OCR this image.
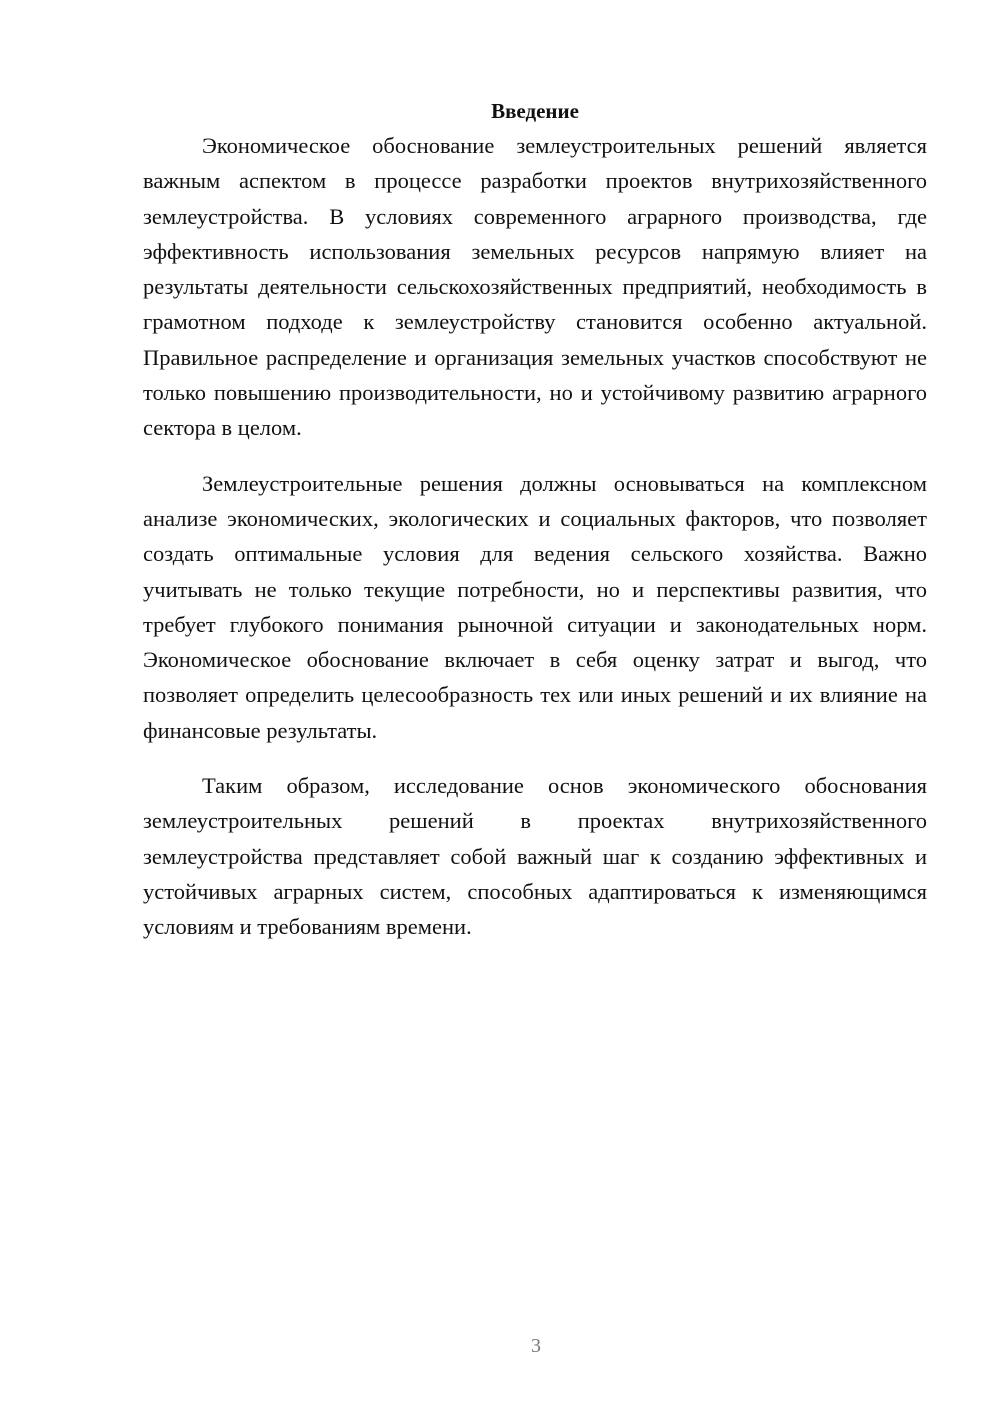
Введение

Экономическое обоснование землеустроительных решений является важным аспектом в процессе разработки проектов внутрихозяйственного землеустройства. В условиях современного аграрного производства, где эффективность использования земельных ресурсов напрямую влияет на результаты деятельности сельскохозяйственных предприятий, необходимость в грамотном подходе к землеустройству становится особенно актуальной. Правильное распределение и организация земельных участков способствуют не только повышению производительности, но и устойчивому развитию аграрного сектора в целом.

Землеустроительные решения должны основываться на комплексном анализе экономических, экологических и социальных факторов, что позволяет создать оптимальные условия для ведения сельского хозяйства. Важно учитывать не только текущие потребности, но и перспективы развития, что требует глубокого понимания рыночной ситуации и законодательных норм. Экономическое обоснование включает в себя оценку затрат и выгод, что позволяет определить целесообразность тех или иных решений и их влияние на финансовые результаты.

Таким образом, исследование основ экономического обоснования землеустроительных решений в проектах внутрихозяйственного землеустройства представляет собой важный шаг к созданию эффективных и устойчивых аграрных систем, способных адаптироваться к изменяющимся условиям и требованиям времени.

3
